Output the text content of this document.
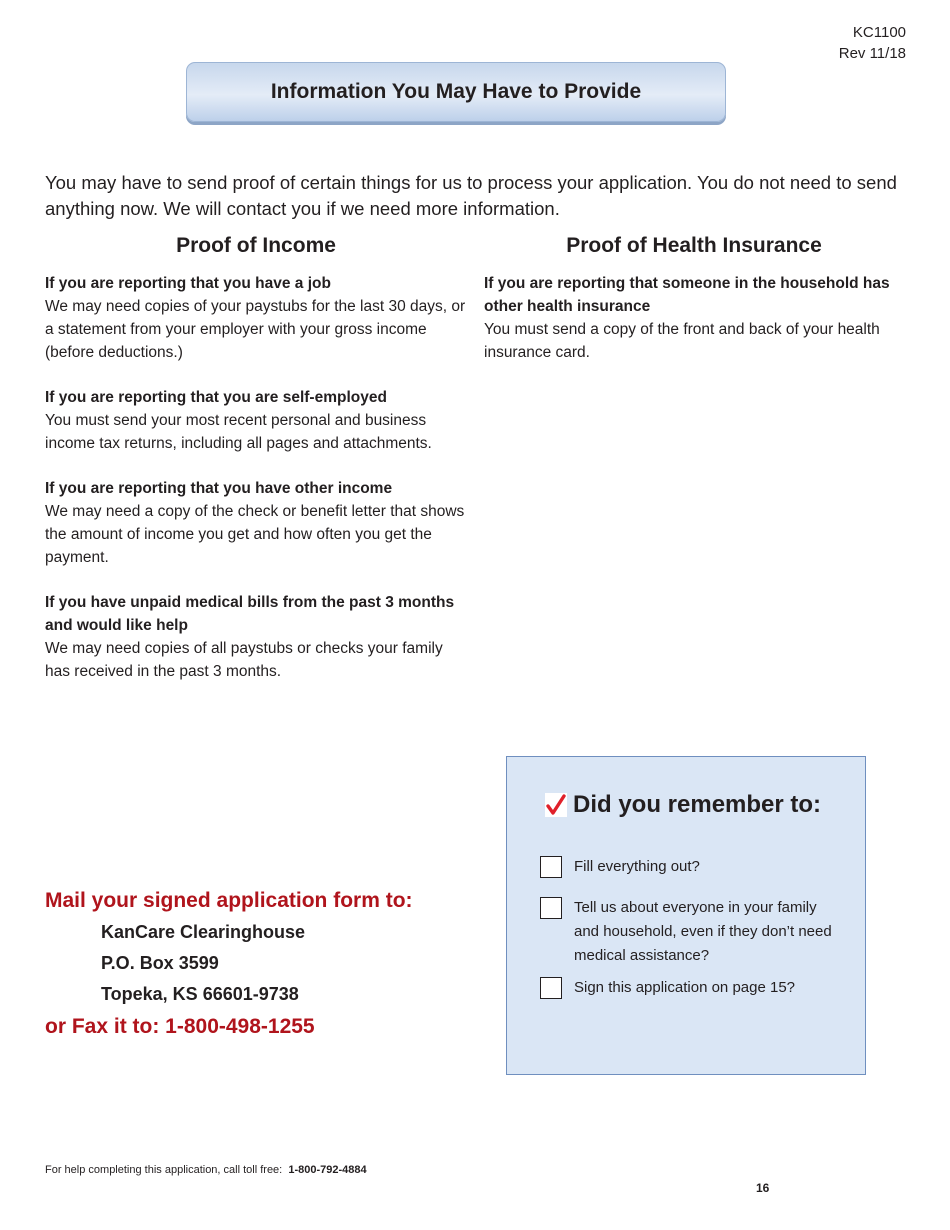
KC1100
Rev 11/18
Information You May Have to Provide

You may have to send proof of certain things for us to process your application. You do not need to send anything now. We will contact you if we need more information.

Proof of Income
If you are reporting that you have a job
We may need copies of your paystubs for the last 30 days, or a statement from your employer with your gross income (before deductions.)
If you are reporting that you are self-employed
You must send your most recent personal and business income tax returns, including all pages and attachments.
If you are reporting that you have other income
We may need a copy of the check or benefit letter that shows the amount of income you get and how often you get the payment.
If you have unpaid medical bills from the past 3 months and would like help
We may need copies of all paystubs or checks your family has received in the past 3 months.
Proof of Health Insurance
If you are reporting that someone in the household has other health insurance
You must send a copy of the front and back of your health insurance card.
Mail your signed application form to:
KanCare Clearinghouse
P.O. Box 3599
Topeka, KS 66601-9738
or Fax it to: 1-800-498-1255
Did you remember to:
Fill everything out?
Tell us about everyone in your family and household, even if they don’t need medical assistance?
Sign this application on page 15?
For help completing this application, call toll free: 1-800-792-4884
16
